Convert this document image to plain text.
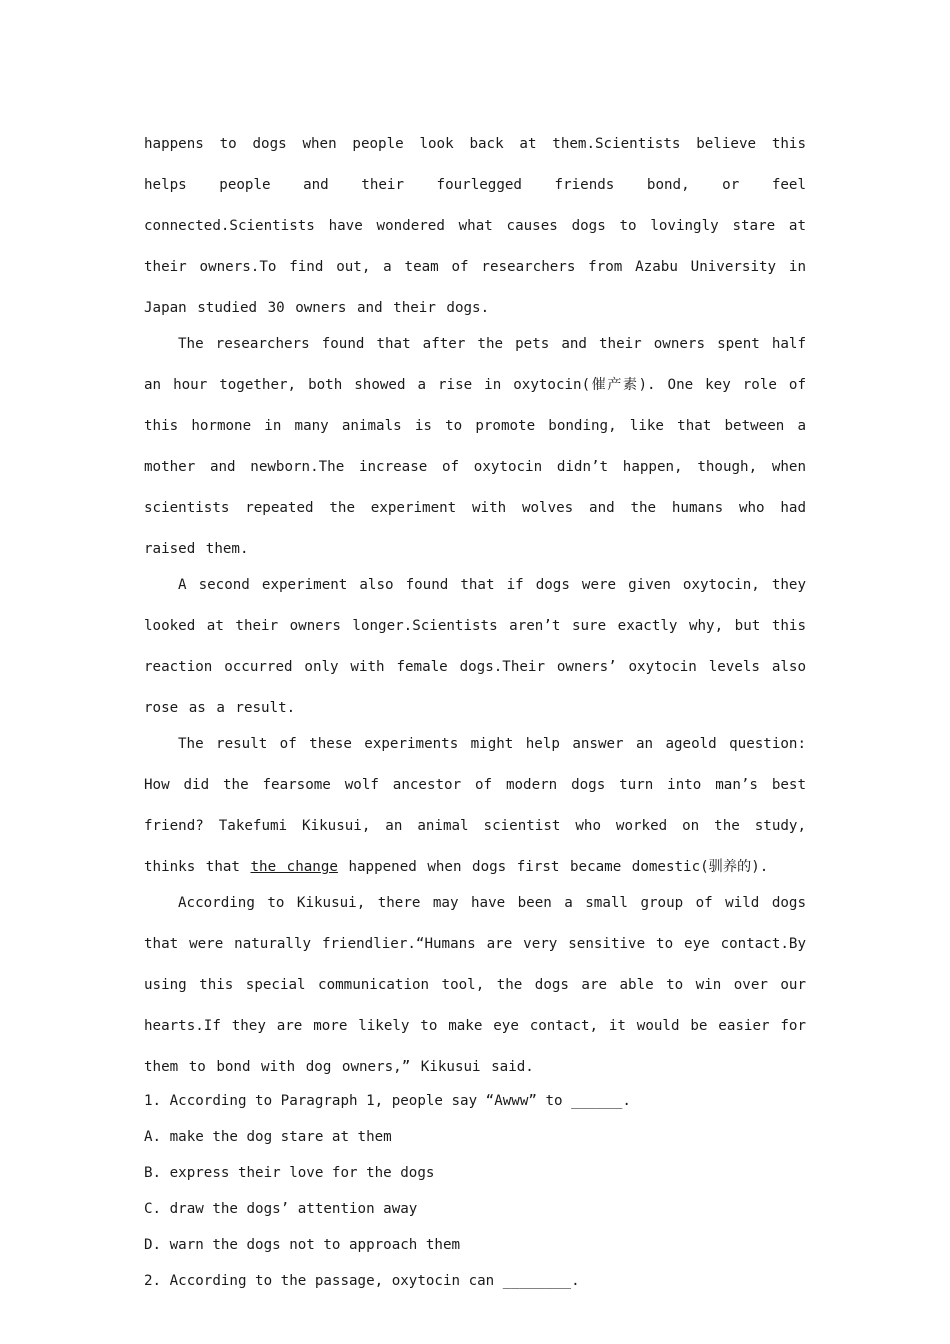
happens to dogs when people look back at them.Scientists believe this helps people and their fourlegged friends bond, or feel connected.Scientists have wondered what causes dogs to lovingly stare at their owners.To find out, a team of researchers from Azabu University in Japan studied 30 owners and their dogs.

The researchers found that after the pets and their owners spent half an hour together, both showed a rise in oxytocin(催产素). One key role of this hormone in many animals is to promote bonding, like that between a mother and newborn.The increase of oxytocin didn’t happen, though, when scientists repeated the experiment with wolves and the humans who had raised them.

A second experiment also found that if dogs were given oxytocin, they looked at their owners longer.Scientists aren’t sure exactly why, but this reaction occurred only with female dogs.Their owners’ oxytocin levels also rose as a result.

The result of these experiments might help answer an ageold question: How did the fearsome wolf ancestor of modern dogs turn into man’s best friend? Takefumi Kikusui, an animal scientist who worked on the study, thinks that the change happened when dogs first became domestic(驯养的).

According to Kikusui, there may have been a small group of wild dogs that were naturally friendlier.“Humans are very sensitive to eye contact.By using this special communication tool, the dogs are able to win over our hearts.If they are more likely to make eye contact, it would be easier for them to bond with dog owners,” Kikusui said.

1. According to Paragraph 1, people say “Awww” to ______.

A. make the dog stare at them

B. express their love for the dogs

C. draw the dogs’ attention away

D. warn the dogs not to approach them

2. According to the passage, oxytocin can ________.
